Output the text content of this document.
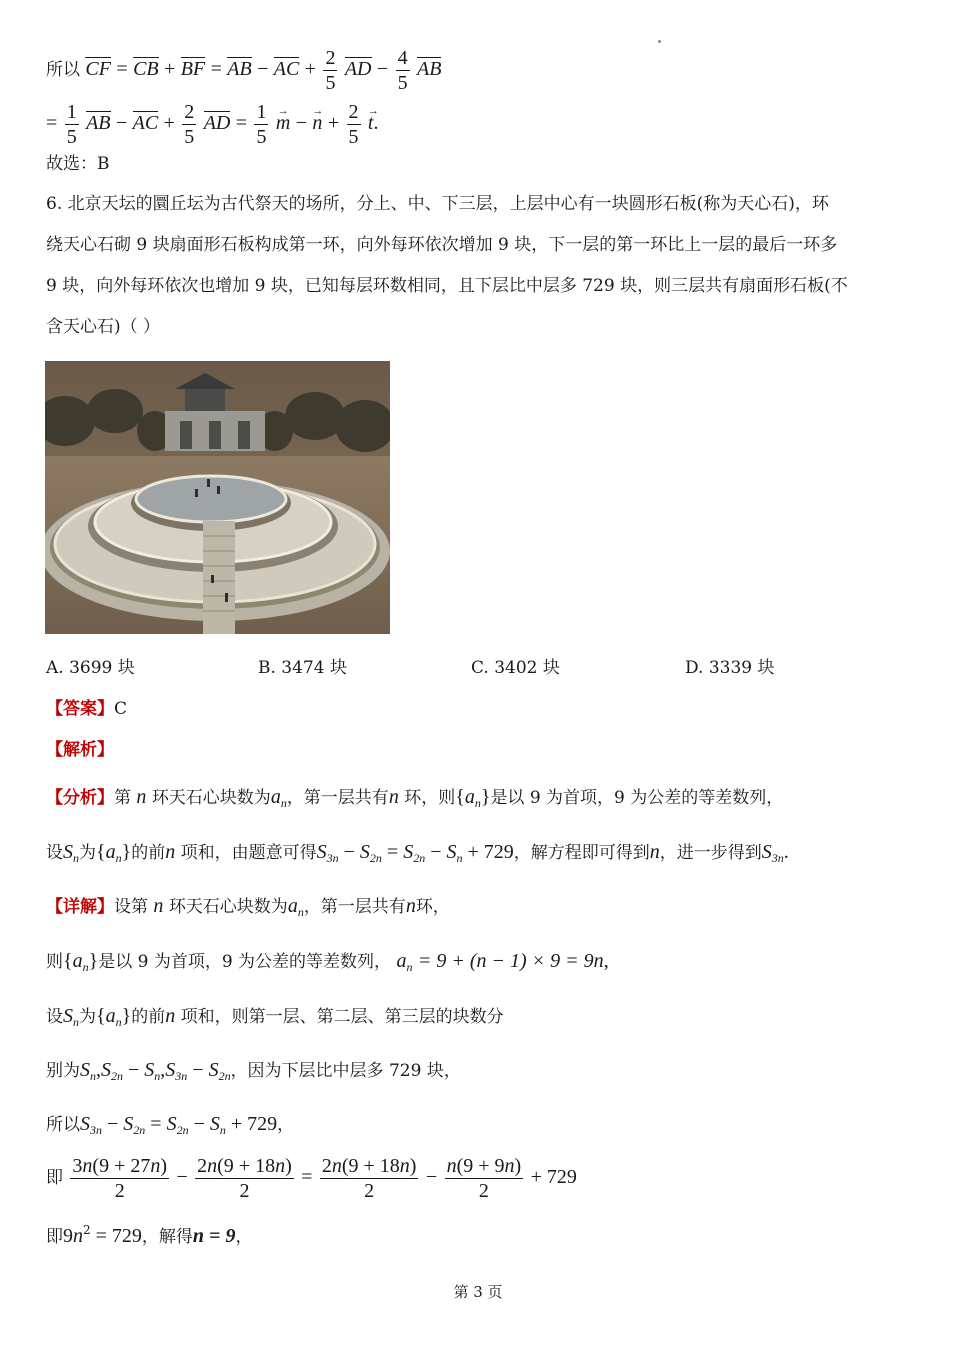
所以 CF = CB + BF = AB − AC + $\frac{2}{5}$ AD − $\frac{4}{5}$ AB
= $\frac{1}{5}$ AB − AC + $\frac{2}{5}$ AD = $\frac{1}{5}$
→ m − → $n + \frac{2}{5}$
→ t.
故选：B
6. 北京天坛的圜丘坛为古代祭天的场所，分上、中、下三层，上层中心有一块圆形石板(称为天心石)，环
绕天心石砌 9 块扇面形石板构成第一环，向外每环依次增加 9 块，下一层的第一环比上一层的最后一环多
9 块，向外每环依次也增加 9 块，已知每层环数相同，且下层比中层多 729 块，则三层共有扇面形石板(不
含天心石)（ ）
A. 3699 块	B. 3474 块	C. 3402 块	D. 3339 块
【答案】C
【解析】
【分析】第 n 环天石心块数为$a_n$，第一层共有n 环，则$\{a_n\}$是以 9 为首项，9 为公差的等差数列，
设$S_n$为$\{a_n\}$的前n 项和，由题意可得$S_{3n} - S_{2n} = S_{2n} - S_n + 729$，解方程即可得到n，进一步得到$S_{3n}$.
【详解】设第 n 环天石心块数为$a_n$，第一层共有n环，
则$\{a_n\}$是以 9 为首项，9 为公差的等差数列， $a_n = 9 + (n - 1) \times 9 = 9n$,
设$S_n$为$\{a_n\}$的前n 项和，则第一层、第二层、第三层的块数分
别为$S_n,S_{2n} - S_n,S_{3n} - S_{2n}$，因为下层比中层多 729 块，
所以$S_{3n} - S_{2n} = S_{2n} - S_n + 729$，
即 $\frac{3n(9 + 27n)}{2} - \frac{2n(9 + 18n)}{2} = \frac{2n(9 + 18n)}{2} - \frac{n(9 + 9n)}{2} + 729$
即$9n^2 = 729$，解得n = 9，
第 3 页
